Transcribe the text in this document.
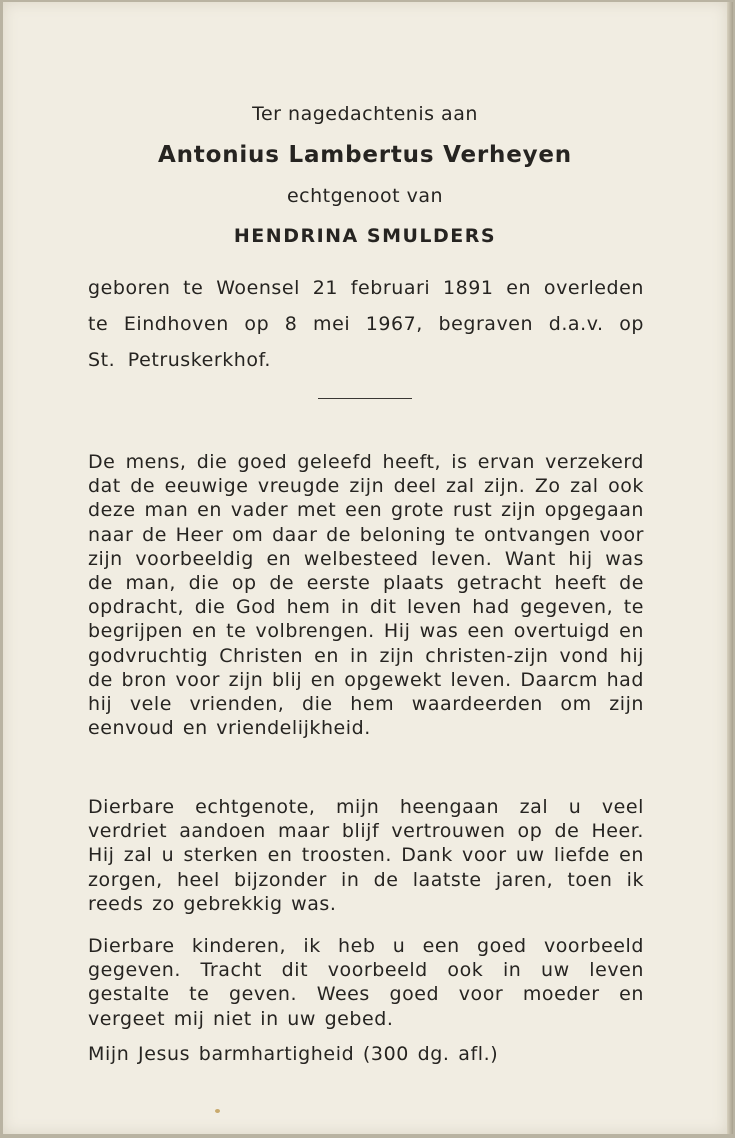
Ter nagedachtenis aan
Antonius Lambertus Verheyen
echtgenoot van
HENDRINA SMULDERS

geboren te Woensel 21 februari 1891 en overleden te Eindhoven op 8 mei 1967, begraven d.a.v. op St. Petruskerkhof.

De mens, die goed geleefd heeft, is ervan verzekerd dat de eeuwige vreugde zijn deel zal zijn. Zo zal ook deze man en vader met een grote rust zijn opgegaan naar de Heer om daar de beloning te ontvangen voor zijn voorbeeldig en welbesteed leven. Want hij was de man, die op de eerste plaats getracht heeft de opdracht, die God hem in dit leven had gegeven, te begrijpen en te volbrengen. Hij was een overtuigd en godvruchtig Christen en in zijn christen-zijn vond hij de bron voor zijn blij en opgewekt leven. Daarcm had hij vele vrienden, die hem waardeerden om zijn eenvoud en vriendelijkheid.

Dierbare echtgenote, mijn heengaan zal u veel verdriet aandoen maar blijf vertrouwen op de Heer. Hij zal u sterken en troosten. Dank voor uw liefde en zorgen, heel bijzonder in de laatste jaren, toen ik reeds zo gebrekkig was.

Dierbare kinderen, ik heb u een goed voorbeeld gegeven. Tracht dit voorbeeld ook in uw leven gestalte te geven. Wees goed voor moeder en vergeet mij niet in uw gebed.

Mijn Jesus barmhartigheid (300 dg. afl.)
